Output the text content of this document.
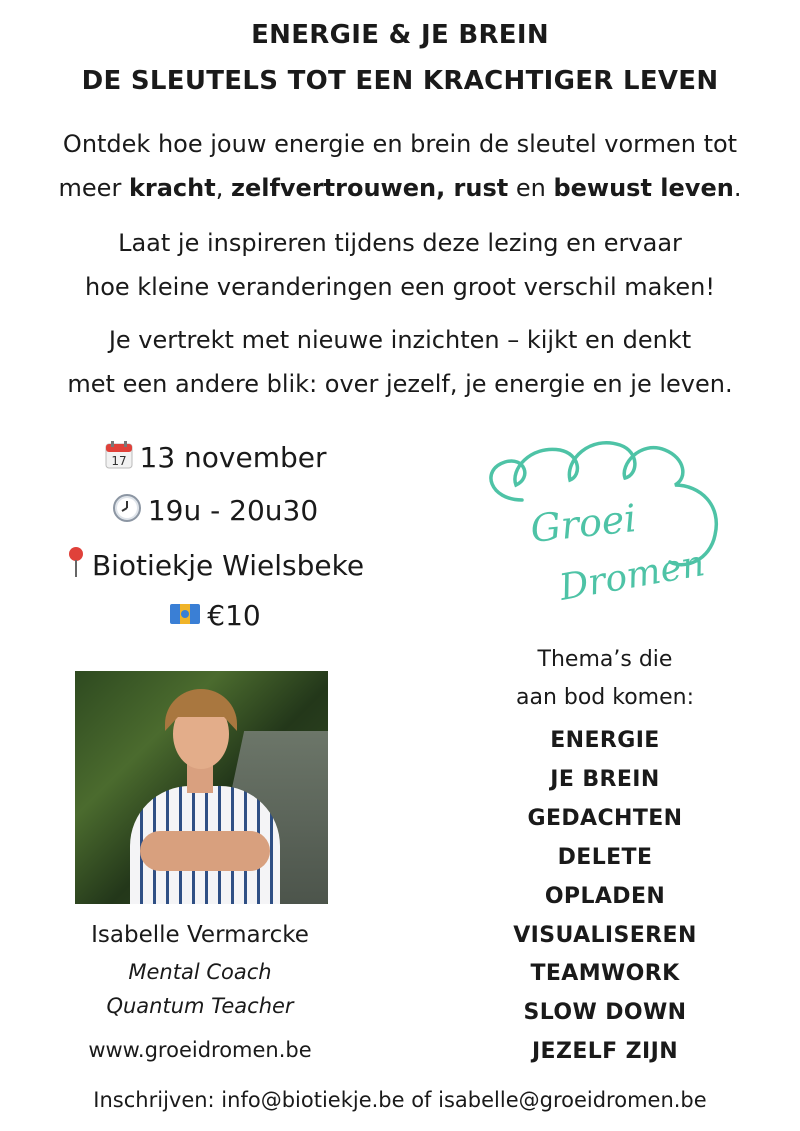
ENERGIE & JE BREIN
DE SLEUTELS TOT EEN KRACHTIGER LEVEN
Ontdek hoe jouw energie en brein de sleutel vormen tot
meer kracht, zelfvertrouwen, rust en bewust leven.
Laat je inspireren tijdens deze lezing en ervaar
hoe kleine veranderingen een groot verschil maken!
Je vertrekt met nieuwe inzichten – kijkt en denkt
met een andere blik: over jezelf, je energie en je leven.
17 13 november
19u - 20u30
Biotiekje Wielsbeke
€10
Groei
Dromen
Isabelle Vermarcke
Mental Coach
Quantum Teacher
www.groeidromen.be
Thema’s die
aan bod komen:
ENERGIE
JE BREIN
GEDACHTEN
DELETE
OPLADEN
VISUALISEREN
TEAMWORK
SLOW DOWN
JEZELF ZIJN
Inschrijven: info@biotiekje.be of isabelle@groeidromen.be
